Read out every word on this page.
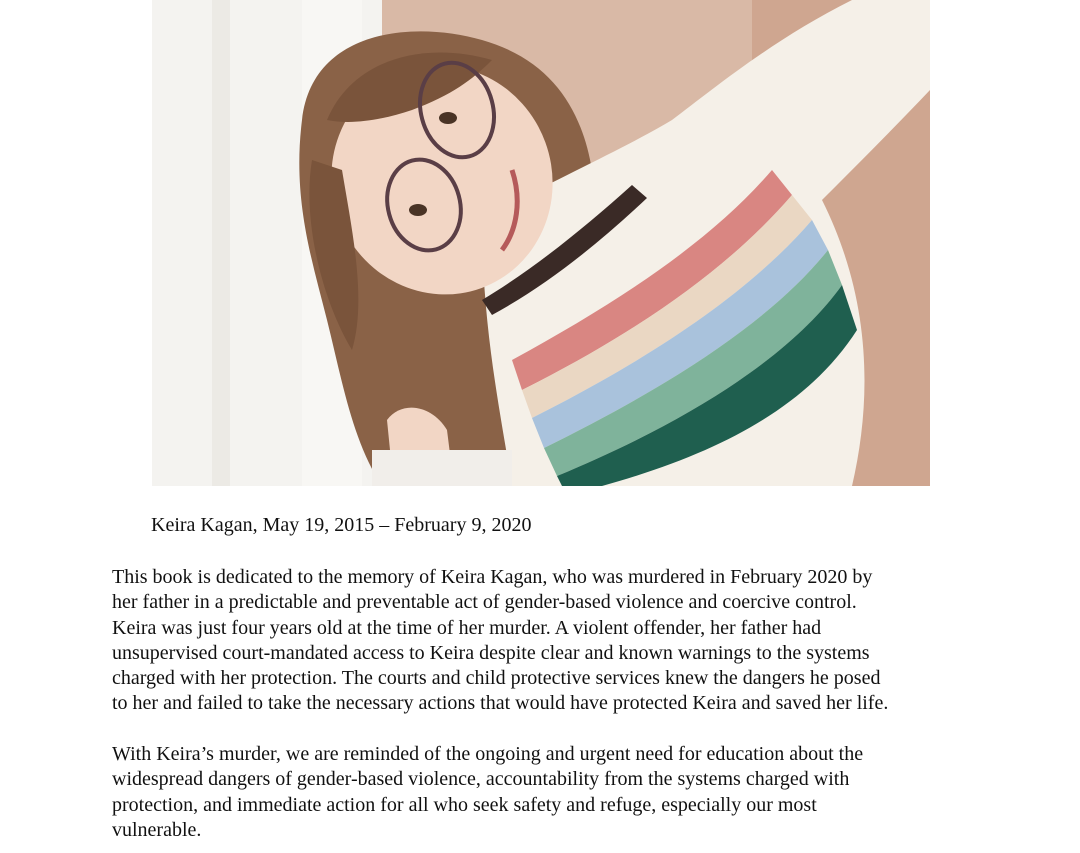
Keira Kagan, May 19, 2015 – February 9, 2020

This book is dedicated to the memory of Keira Kagan, who was murdered in February 2020 by
her father in a predictable and preventable act of gender-based violence and coercive control.
Keira was just four years old at the time of her murder. A violent offender, her father had
unsupervised court-mandated access to Keira despite clear and known warnings to the systems
charged with her protection. The courts and child protective services knew the dangers he posed
to her and failed to take the necessary actions that would have protected Keira and saved her life.

With Keira’s murder, we are reminded of the ongoing and urgent need for education about the
widespread dangers of gender-based violence, accountability from the systems charged with
protection, and immediate action for all who seek safety and refuge, especially our most
vulnerable.
